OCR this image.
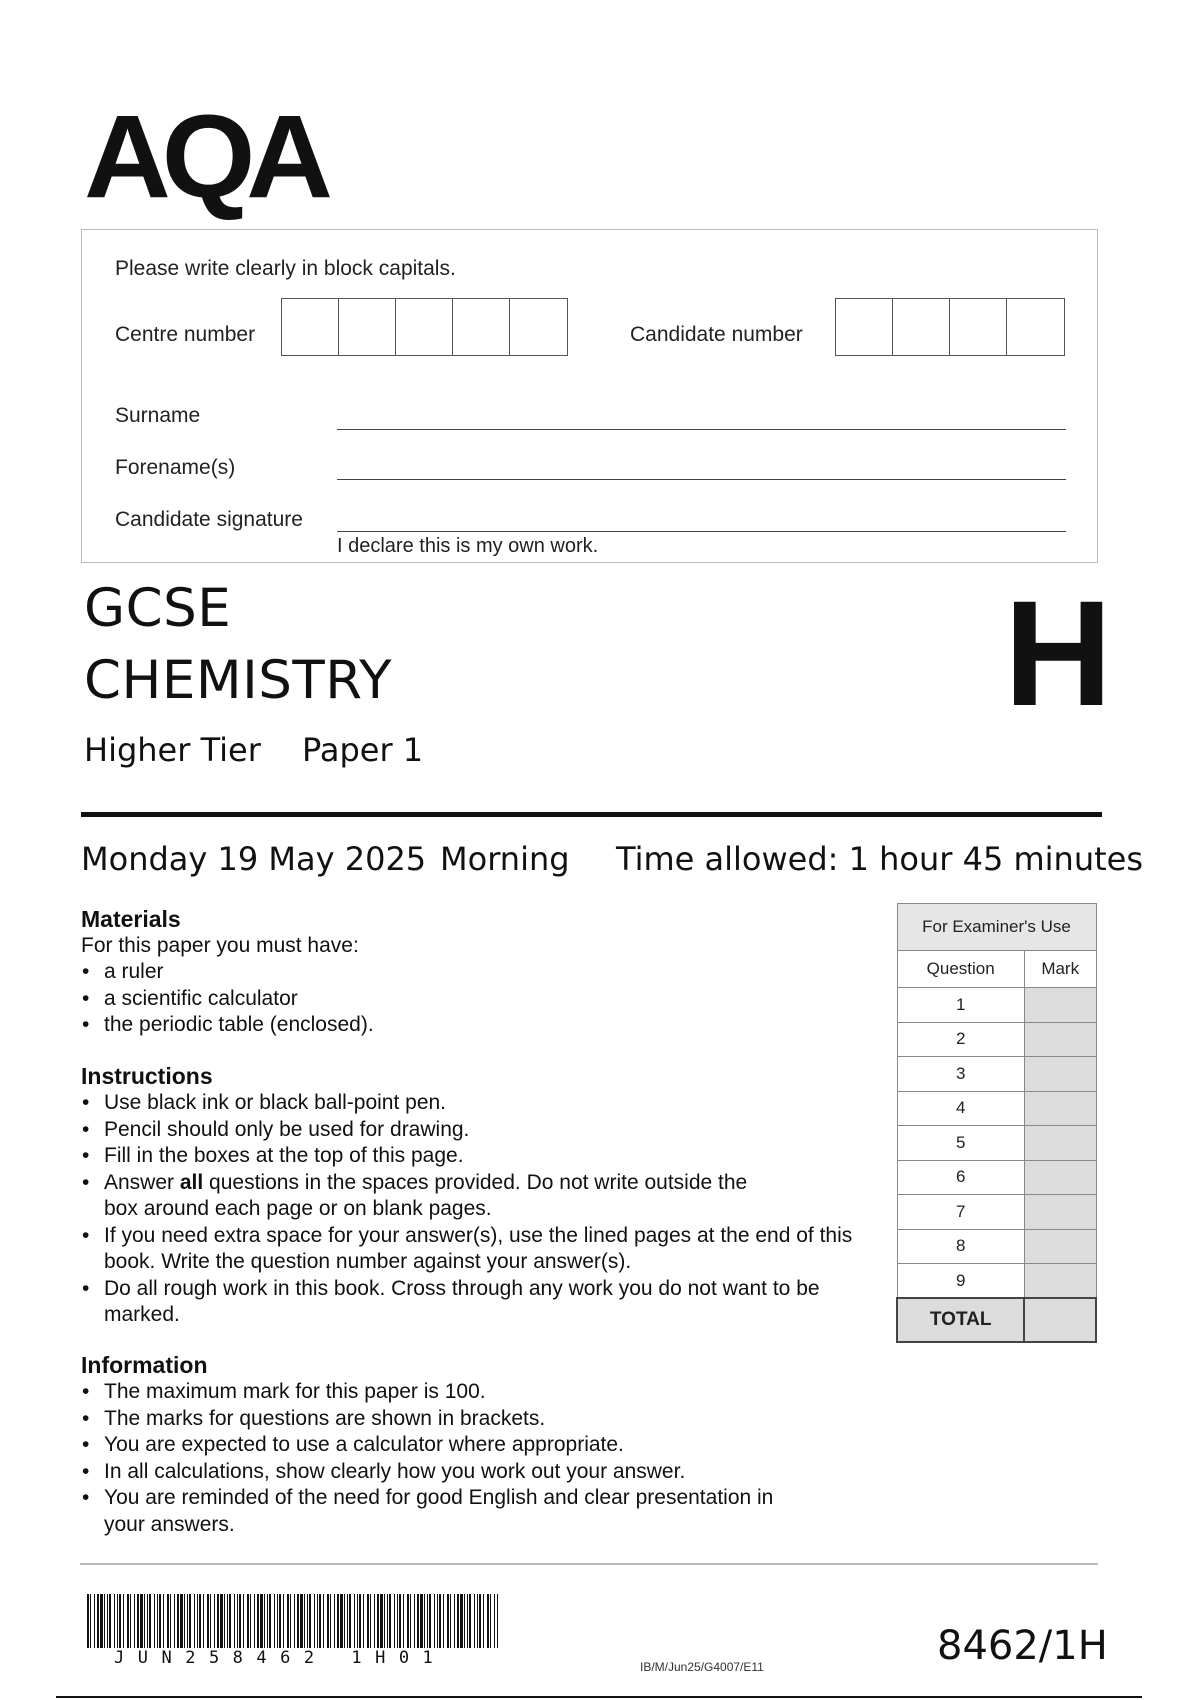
AQA
Please write clearly in block capitals.
Centre number	Candidate number
Surname
Forename(s)
Candidate signature
I declare this is my own work.
GCSE
CHEMISTRY
Higher Tier Paper 1
H
Monday 19 May 2025 Morning Time allowed: 1 hour 45 minutes
Materials
For this paper you must have:
• a ruler
• a scientific calculator
• the periodic table (enclosed).
Instructions
• Use black ink or black ball-point pen.
• Pencil should only be used for drawing.
• Fill in the boxes at the top of this page.
• Answer all questions in the spaces provided. Do not write outside the box around each page or on blank pages.
• If you need extra space for your answer(s), use the lined pages at the end of this book. Write the question number against your answer(s).
• Do all rough work in this book. Cross through any work you do not want to be marked.
Information
• The maximum mark for this paper is 100.
• The marks for questions are shown in brackets.
• You are expected to use a calculator where appropriate.
• In all calculations, show clearly how you work out your answer.
• You are reminded of the need for good English and clear presentation in your answers.
For Examiner's Use	
Question	Mark
1	
2	
3	
4	
5	
6	
7	
8	
9	
TOTAL	
JUN258462 1H01	IB/M/Jun25/G4007/E11	8462/1H
